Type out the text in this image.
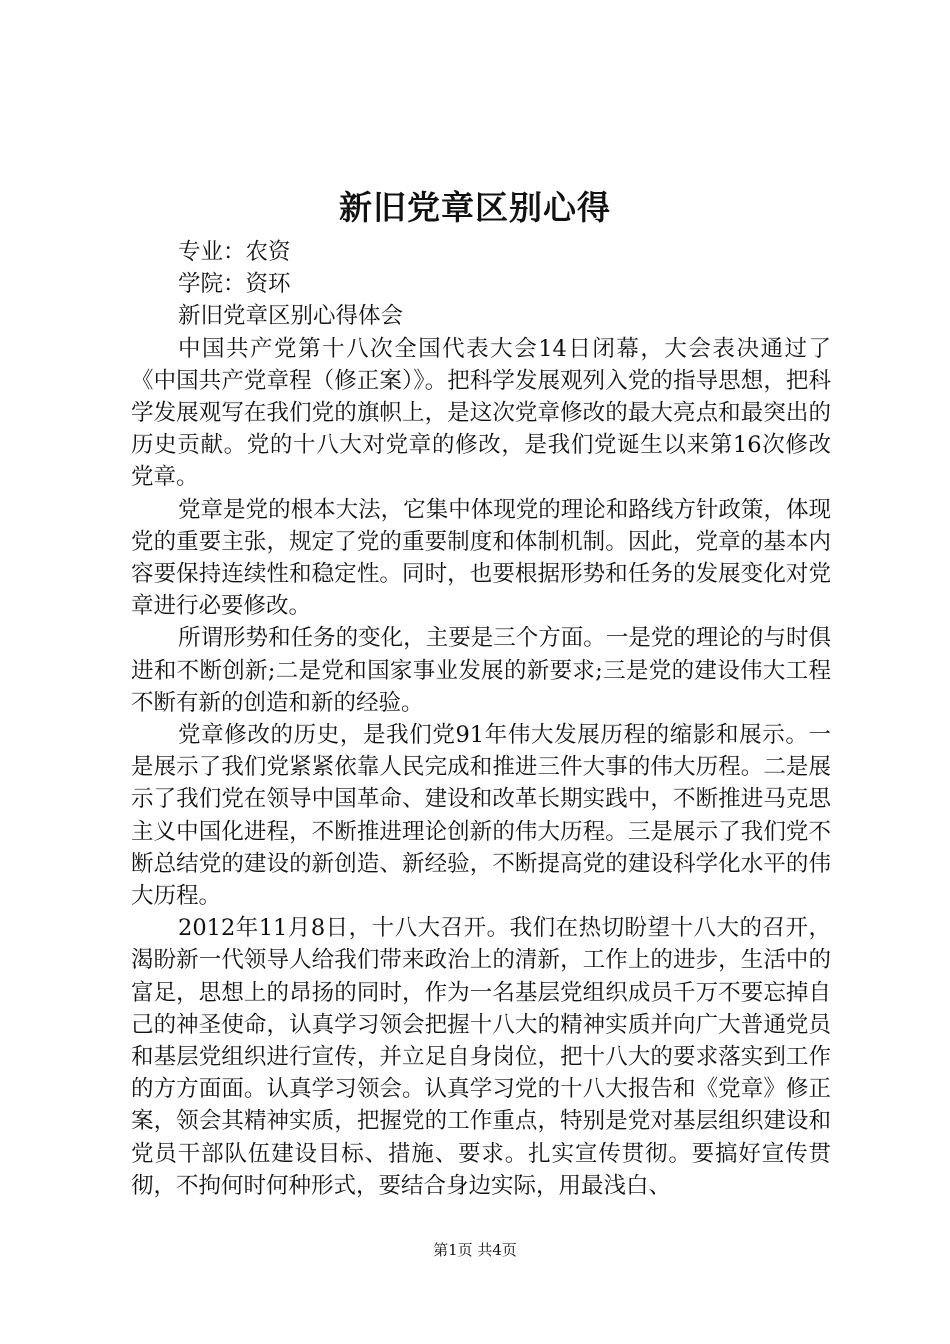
新旧党章区别心得

专业：农资

学院：资环

新旧党章区别心得体会

中国共产党第十八次全国代表大会14日闭幕，大会表决通过了《中国共产党章程（修正案）》。把科学发展观列入党的指导思想，把科学发展观写在我们党的旗帜上，是这次党章修改的最大亮点和最突出的历史贡献。党的十八大对党章的修改，是我们党诞生以来第16次修改党章。

党章是党的根本大法，它集中体现党的理论和路线方针政策，体现党的重要主张，规定了党的重要制度和体制机制。因此，党章的基本内容要保持连续性和稳定性。同时，也要根据形势和任务的发展变化对党章进行必要修改。

所谓形势和任务的变化，主要是三个方面。一是党的理论的与时俱进和不断创新;二是党和国家事业发展的新要求;三是党的建设伟大工程不断有新的创造和新的经验。

党章修改的历史，是我们党91年伟大发展历程的缩影和展示。一是展示了我们党紧紧依靠人民完成和推进三件大事的伟大历程。二是展示了我们党在领导中国革命、建设和改革长期实践中，不断推进马克思主义中国化进程，不断推进理论创新的伟大历程。三是展示了我们党不断总结党的建设的新创造、新经验，不断提高党的建设科学化水平的伟大历程。

2012年11月8日，十八大召开。我们在热切盼望十八大的召开，渴盼新一代领导人给我们带来政治上的清新，工作上的进步，生活中的富足，思想上的昂扬的同时，作为一名基层党组织成员千万不要忘掉自己的神圣使命，认真学习领会把握十八大的精神实质并向广大普通党员和基层党组织进行宣传，并立足自身岗位，把十八大的要求落实到工作的方方面面。认真学习领会。认真学习党的十八大报告和《党章》修正案，领会其精神实质，把握党的工作重点，特别是党对基层组织建设和党员干部队伍建设目标、措施、要求。扎实宣传贯彻。要搞好宣传贯彻，不拘何时何种形式，要结合身边实际，用最浅白、

第1页 共4页
